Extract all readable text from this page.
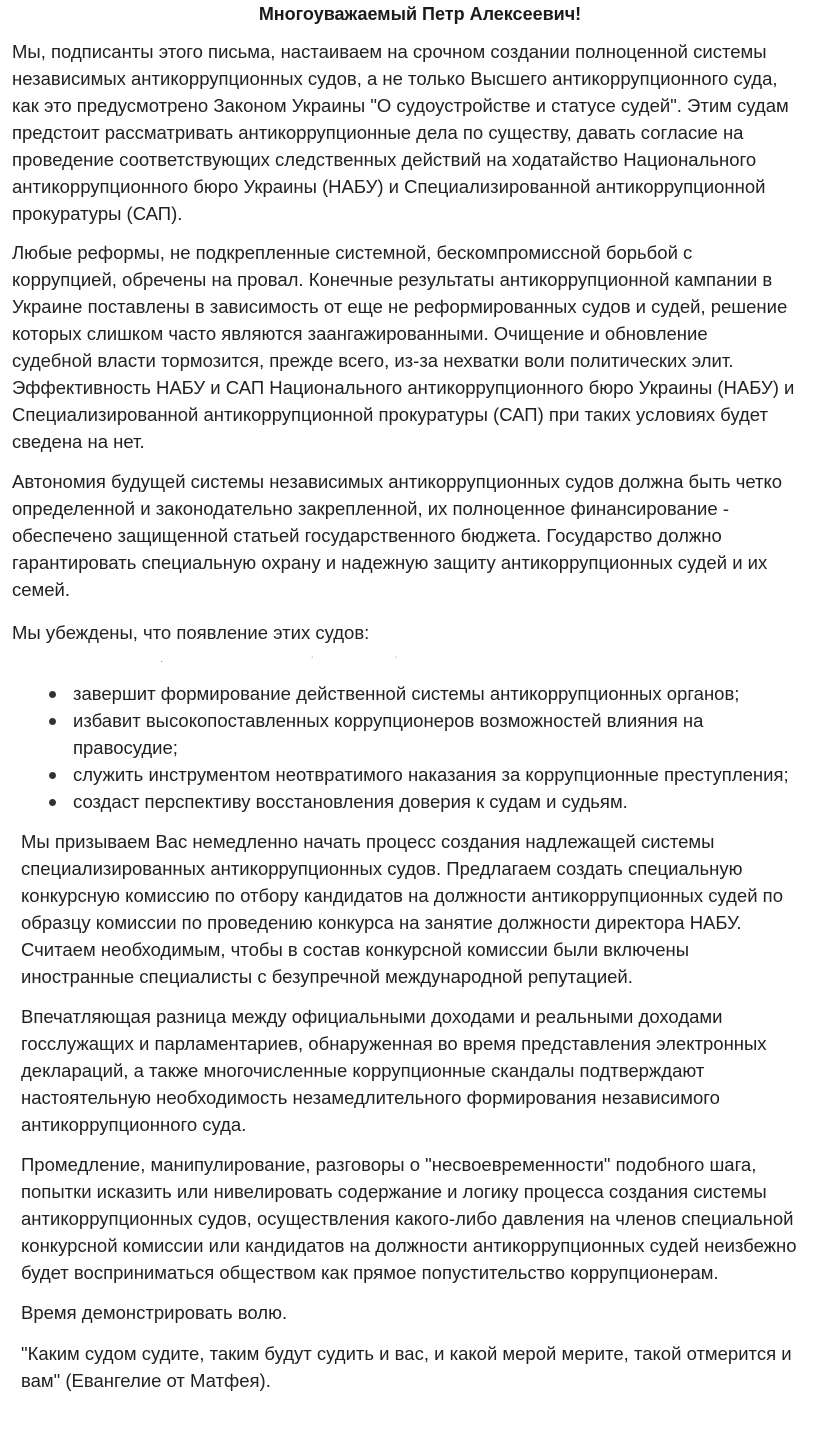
Многоуважаемый Петр Алексеевич!
Мы, подписанты этого письма, настаиваем на срочном создании полноценной системы
независимых антикоррупционных судов, а не только Высшего антикоррупционного суда,
как это предусмотрено Законом Украины "О судоустройстве и статусе судей". Этим судам
предстоит рассматривать антикоррупционные дела по существу, давать согласие на
проведение соответствующих следственных действий на ходатайство Национального
антикоррупционного бюро Украины (НАБУ) и Специализированной антикоррупционной
прокуратуры (САП).
Любые реформы, не подкрепленные системной, бескомпромиссной борьбой с
коррупцией, обречены на провал. Конечные результаты антикоррупционной кампании в
Украине поставлены в зависимость от еще не реформированных судов и судей, решение
которых слишком часто являются заангажированными. Очищение и обновление
судебной власти тормозится, прежде всего, из-за нехватки воли политических элит.
Эффективность НАБУ и САП Национального антикоррупционного бюро Украины (НАБУ) и
Специализированной антикоррупционной прокуратуры (САП) при таких условиях будет
сведена на нет.
Автономия будущей системы независимых антикоррупционных судов должна быть четко
определенной и законодательно закрепленной, их полноценное финансирование -
обеспечено защищенной статьей государственного бюджета. Государство должно
гарантировать специальную охрану и надежную защиту антикоррупционных судей и их
семей.
Мы убеждены, что появление этих судов:
·	˙	˙
завершит формирование действенной системы антикоррупционных органов;
избавит высокопоставленных коррупционеров возможностей влияния на
правосудие;
служить инструментом неотвратимого наказания за коррупционные преступления;
создаст перспективу восстановления доверия к судам и судьям.
Мы призываем Вас немедленно начать процесс создания надлежащей системы
специализированных антикоррупционных судов. Предлагаем создать специальную
конкурсную комиссию по отбору кандидатов на должности антикоррупционных судей по
образцу комиссии по проведению конкурса на занятие должности директора НАБУ.
Считаем необходимым, чтобы в состав конкурсной комиссии были включены
иностранные специалисты с безупречной международной репутацией.
Впечатляющая разница между официальными доходами и реальными доходами
госслужащих и парламентариев, обнаруженная во время представления электронных
деклараций, а также многочисленные коррупционные скандалы подтверждают
настоятельную необходимость незамедлительного формирования независимого
антикоррупционного суда.
Промедление, манипулирование, разговоры о "несвоевременности" подобного шага,
попытки исказить или нивелировать содержание и логику процесса создания системы
антикоррупционных судов, осуществления какого-либо давления на членов специальной
конкурсной комиссии или кандидатов на должности антикоррупционных судей неизбежно
будет восприниматься обществом как прямое попустительство коррупционерам.
Время демонстрировать волю.
"Каким судом судите, таким будут судить и вас, и какой мерой мерите, такой отмерится и
вам" (Евангелие от Матфея).
